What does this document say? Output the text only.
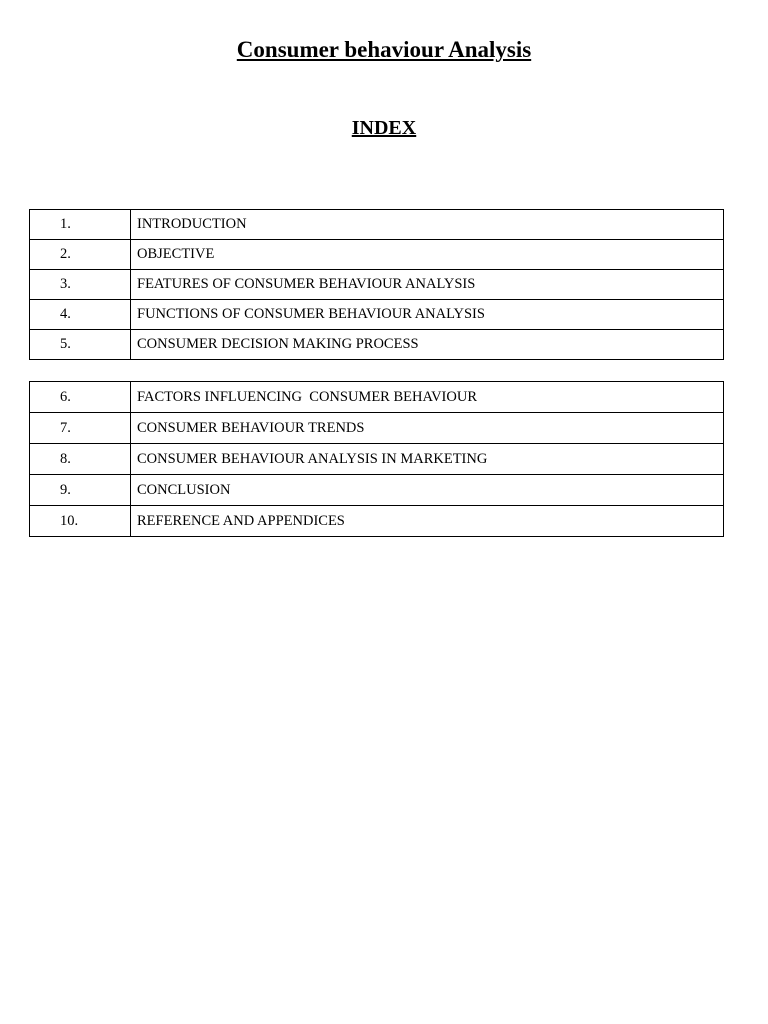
Consumer behaviour Analysis
INDEX
1.	INTRODUCTION
2.	OBJECTIVE
3.	FEATURES OF CONSUMER BEHAVIOUR ANALYSIS
4.	FUNCTIONS OF CONSUMER BEHAVIOUR ANALYSIS
5.	CONSUMER DECISION MAKING PROCESS
6.	FACTORS INFLUENCING  CONSUMER BEHAVIOUR
7.	CONSUMER BEHAVIOUR TRENDS
8.	CONSUMER BEHAVIOUR ANALYSIS IN MARKETING
9.	CONCLUSION
10.	REFERENCE AND APPENDICES
